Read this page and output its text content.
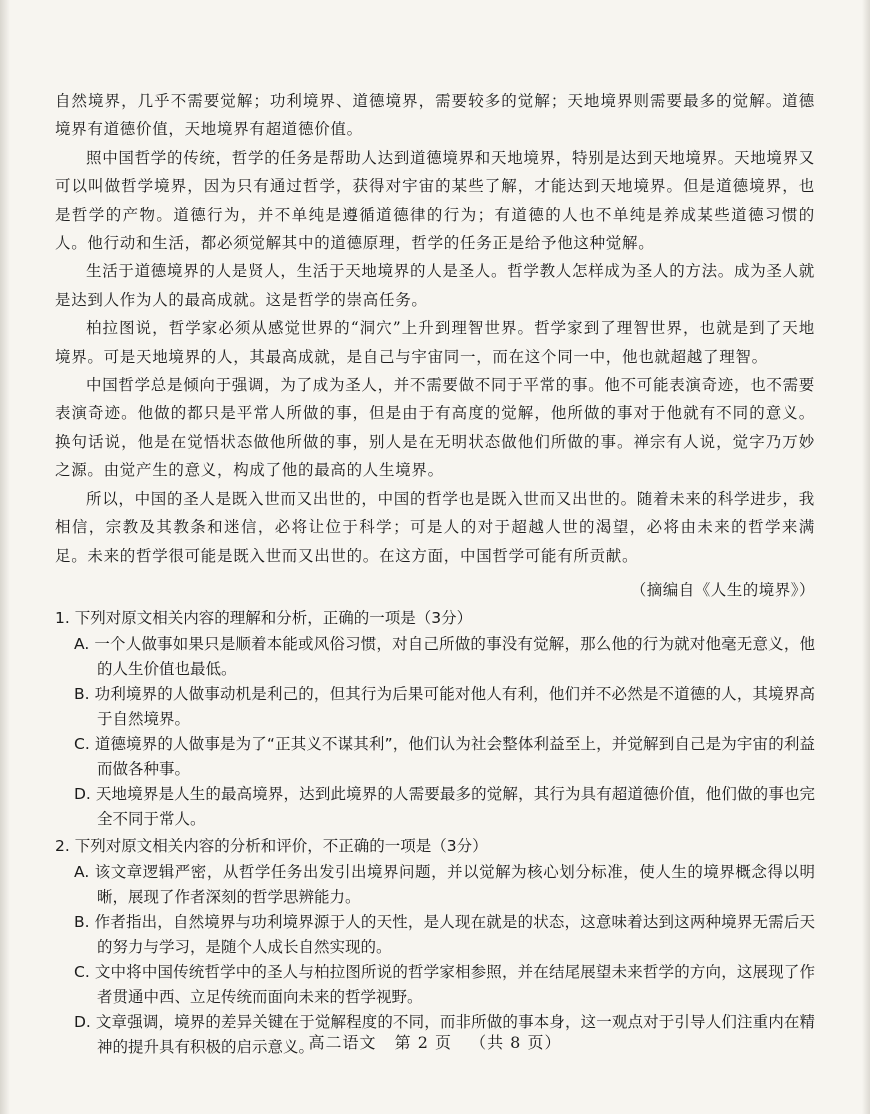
自然境界，几乎不需要觉解；功利境界、道德境界，需要较多的觉解；天地境界则需要最多的觉解。道德境界有道德价值，天地境界有超道德价值。

照中国哲学的传统，哲学的任务是帮助人达到道德境界和天地境界，特别是达到天地境界。天地境界又可以叫做哲学境界，因为只有通过哲学，获得对宇宙的某些了解，才能达到天地境界。但是道德境界，也是哲学的产物。道德行为，并不单纯是遵循道德律的行为；有道德的人也不单纯是养成某些道德习惯的人。他行动和生活，都必须觉解其中的道德原理，哲学的任务正是给予他这种觉解。

生活于道德境界的人是贤人，生活于天地境界的人是圣人。哲学教人怎样成为圣人的方法。成为圣人就是达到人作为人的最高成就。这是哲学的崇高任务。

柏拉图说，哲学家必须从感觉世界的“洞穴”上升到理智世界。哲学家到了理智世界，也就是到了天地境界。可是天地境界的人，其最高成就，是自己与宇宙同一，而在这个同一中，他也就超越了理智。

中国哲学总是倾向于强调，为了成为圣人，并不需要做不同于平常的事。他不可能表演奇迹，也不需要表演奇迹。他做的都只是平常人所做的事，但是由于有高度的觉解，他所做的事对于他就有不同的意义。换句话说，他是在觉悟状态做他所做的事，别人是在无明状态做他们所做的事。禅宗有人说，觉字乃万妙之源。由觉产生的意义，构成了他的最高的人生境界。

所以，中国的圣人是既入世而又出世的，中国的哲学也是既入世而又出世的。随着未来的科学进步，我相信，宗教及其教条和迷信，必将让位于科学；可是人的对于超越人世的渴望，必将由未来的哲学来满足。未来的哲学很可能是既入世而又出世的。在这方面，中国哲学可能有所贡献。

（摘编自《人生的境界》）

1. 下列对原文相关内容的理解和分析，正确的一项是（3分）

A. 一个人做事如果只是顺着本能或风俗习惯，对自己所做的事没有觉解，那么他的行为就对他毫无意义，他的人生价值也最低。

B. 功利境界的人做事动机是利己的，但其行为后果可能对他人有利，他们并不必然是不道德的人，其境界高于自然境界。

C. 道德境界的人做事是为了“正其义不谋其利”，他们认为社会整体利益至上，并觉解到自己是为宇宙的利益而做各种事。

D. 天地境界是人生的最高境界，达到此境界的人需要最多的觉解，其行为具有超道德价值，他们做的事也完全不同于常人。

2. 下列对原文相关内容的分析和评价，不正确的一项是（3分）

A. 该文章逻辑严密，从哲学任务出发引出境界问题，并以觉解为核心划分标准，使人生的境界概念得以明晰，展现了作者深刻的哲学思辨能力。

B. 作者指出，自然境界与功利境界源于人的天性，是人现在就是的状态，这意味着达到这两种境界无需后天的努力与学习，是随个人成长自然实现的。

C. 文中将中国传统哲学中的圣人与柏拉图所说的哲学家相参照，并在结尾展望未来哲学的方向，这展现了作者贯通中西、立足传统而面向未来的哲学视野。

D. 文章强调，境界的差异关键在于觉解程度的不同，而非所做的事本身，这一观点对于引导人们注重内在精神的提升具有积极的启示意义。

高二语文 第 2 页 （共 8 页）
